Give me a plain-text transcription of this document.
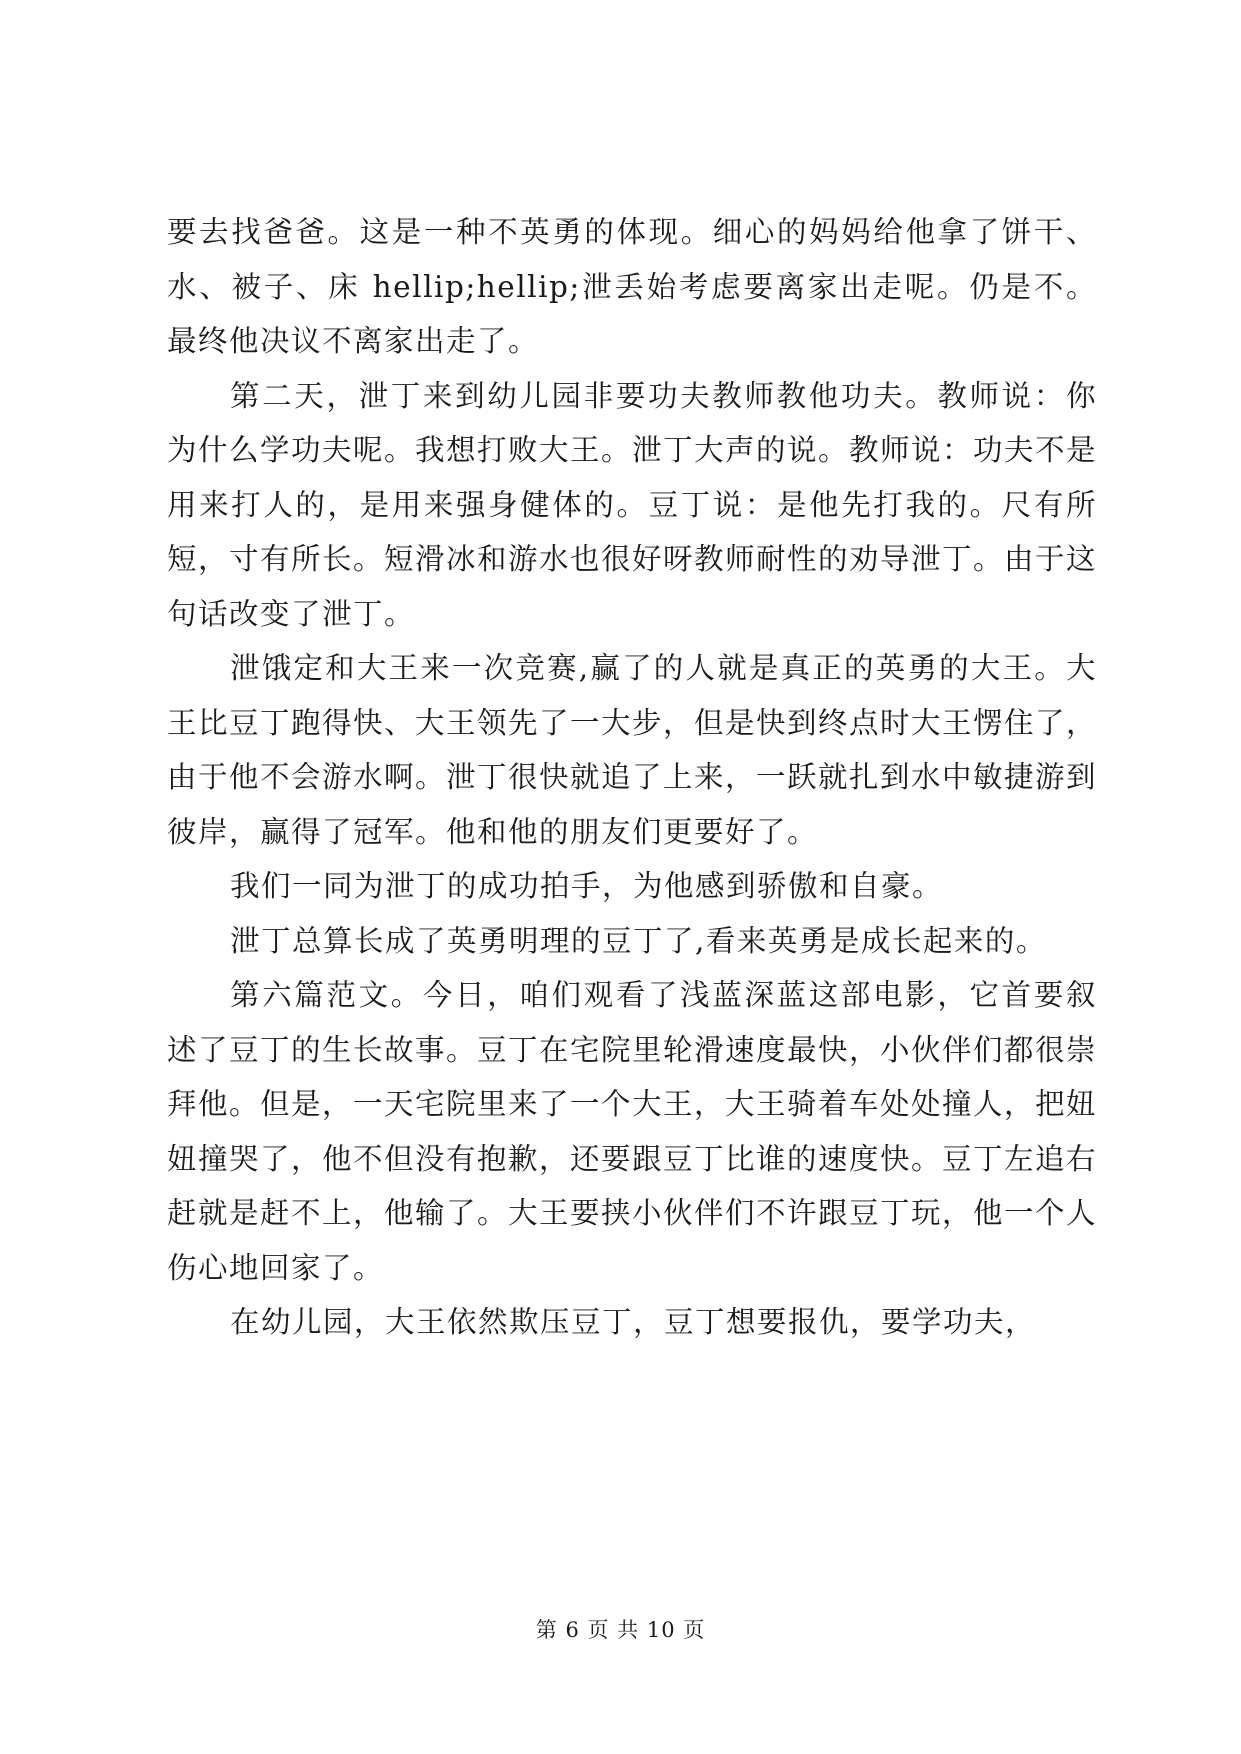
要去找爸爸。这是一种不英勇的体现。细心的妈妈给他拿了饼干、水、被子、床 hellip;hellip;泄丢始考虑要离家出走呢。仍是不。最终他决议不离家出走了。

第二天，泄丁来到幼儿园非要功夫教师教他功夫。教师说：你为什么学功夫呢。我想打败大王。泄丁大声的说。教师说：功夫不是用来打人的，是用来强身健体的。豆丁说：是他先打我的。尺有所短，寸有所长。短滑冰和游水也很好呀教师耐性的劝导泄丁。由于这句话改变了泄丁。

泄饿定和大王来一次竞赛,赢了的人就是真正的英勇的大王。大王比豆丁跑得快、大王领先了一大步，但是快到终点时大王愣住了，由于他不会游水啊。泄丁很快就追了上来，一跃就扎到水中敏捷游到彼岸，赢得了冠军。他和他的朋友们更要好了。

我们一同为泄丁的成功拍手，为他感到骄傲和自豪。

泄丁总算长成了英勇明理的豆丁了,看来英勇是成长起来的。

第六篇范文。今日，咱们观看了浅蓝深蓝这部电影，它首要叙述了豆丁的生长故事。豆丁在宅院里轮滑速度最快，小伙伴们都很崇拜他。但是，一天宅院里来了一个大王，大王骑着车处处撞人，把妞妞撞哭了，他不但没有抱歉，还要跟豆丁比谁的速度快。豆丁左追右赶就是赶不上，他输了。大王要挟小伙伴们不许跟豆丁玩，他一个人伤心地回家了。

在幼儿园，大王依然欺压豆丁，豆丁想要报仇，要学功夫，

第 6 页 共 10 页
